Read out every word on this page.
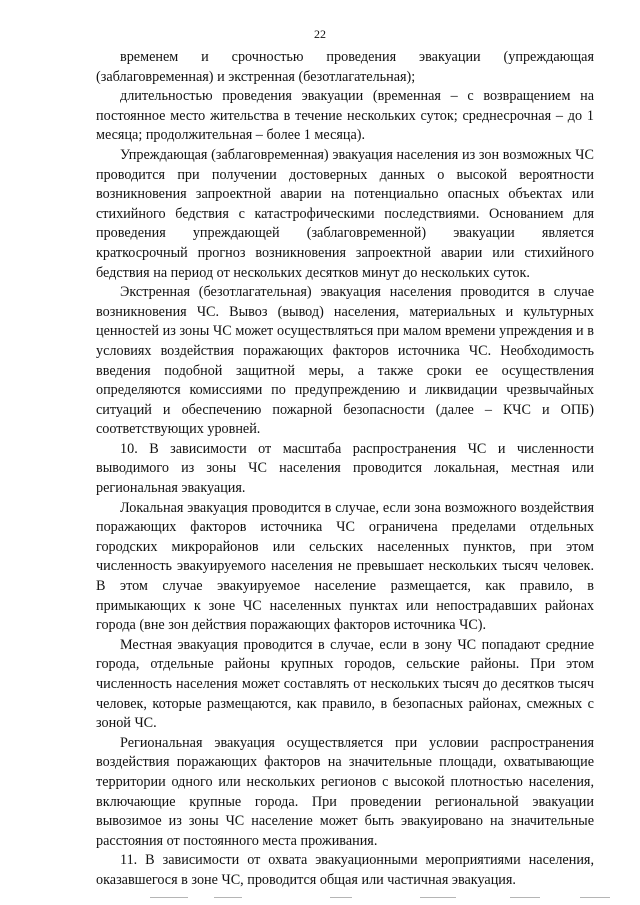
22

временем и срочностью проведения эвакуации (упреждающая (заблаговременная) и экстренная (безотлагательная);

длительностью проведения эвакуации (временная – с возвращением на постоянное место жительства в течение нескольких суток; среднесрочная – до 1 месяца; продолжительная – более 1 месяца).

Упреждающая (заблаговременная) эвакуация населения из зон возможных ЧС проводится при получении достоверных данных о высокой вероятности возникновения запроектной аварии на потенциально опасных объектах или стихийного бедствия с катастрофическими последствиями. Основанием для проведения упреждающей (заблаговременной) эвакуации является краткосрочный прогноз возникновения запроектной аварии или стихийного бедствия на период от нескольких десятков минут до нескольких суток.

Экстренная (безотлагательная) эвакуация населения проводится в случае возникновения ЧС. Вывоз (вывод) населения, материальных и культурных ценностей из зоны ЧС может осуществляться при малом времени упреждения и в условиях воздействия поражающих факторов источника ЧС. Необходимость введения подобной защитной меры, а также сроки ее осуществления определяются комиссиями по предупреждению и ликвидации чрезвычайных ситуаций и обеспечению пожарной безопасности (далее – КЧС и ОПБ) соответствующих уровней.

10. В зависимости от масштаба распространения ЧС и численности выводимого из зоны ЧС населения проводится локальная, местная или региональная эвакуация.

Локальная эвакуация проводится в случае, если зона возможного воздействия поражающих факторов источника ЧС ограничена пределами отдельных городских микрорайонов или сельских населенных пунктов, при этом численность эвакуируемого населения не превышает нескольких тысяч человек. В этом случае эвакуируемое население размещается, как правило, в примыкающих к зоне ЧС населенных пунктах или непострадавших районах города (вне зон действия поражающих факторов источника ЧС).

Местная эвакуация проводится в случае, если в зону ЧС попадают средние города, отдельные районы крупных городов, сельские районы. При этом численность населения может составлять от нескольких тысяч до десятков тысяч человек, которые размещаются, как правило, в безопасных районах, смежных с зоной ЧС.

Региональная эвакуация осуществляется при условии распространения воздействия поражающих факторов на значительные площади, охватывающие территории одного или нескольких регионов с высокой плотностью населения, включающие крупные города. При проведении региональной эвакуации вывозимое из зоны ЧС население может быть эвакуировано на значительные расстояния от постоянного места проживания.

11. В зависимости от охвата эвакуационными мероприятиями населения, оказавшегося в зоне ЧС, проводится общая или частичная эвакуация.
